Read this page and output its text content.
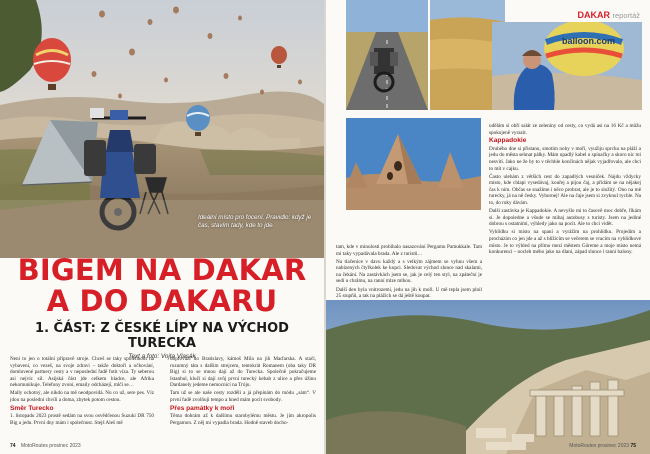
Ideální místo pro focení. Pravidlo: když je čas, stavím tady, kde to jde.
BIGEM NA DAKAR
A DO DAKARU
1. ČÁST: Z ČESKÉ LÍPY NA VÝCHOD TURECKA
Text a foto: Vojta Vlasák

Není to jen o totální přípravě stroje. Chceš se taky spolehnout na vybavení, co vezeš, na svoje zdraví – takže doktoři a očkování, domluvené partnery cesty a v neposlední řadě fotit víza. Ty seberou asi nejvíc sil. Asijská část jde celkem hladce, ale Afrika nekomunikuje. Telefony zvoní, emaily odcházejí, mlčí se…

Mally ochotný, ale nikdo na mě neodpovídá. Nu co už, sere pes. Víz jdou na poslední chvíli a doma, zbytek potom cestou.

Směr Turecko

1. listopadu 2023 prostě sedám na svou osvědčenou Suzuki DR 750 Big a jedu. První dny mám i společnost. Stejš Aleš mě

doprovází do Bratislavy, kámoš Míla na jih Maďarska. A stačí, rozumný táta s dalším strejcem, tentokrát Romanem (oba taky DR Big) si to se mnou dají až do Turecka. Společně pokračujeme Istanbul, klučí si dají svůj první turecký kebab z ulice a přes úžinu Dardanely jedeme nemocnicí na Tróju.

Tam už se ale naše cesty rozdělí a já přepínám do módu „sám“. V první řadě zvolňuji tempo a hned mám pocit svobody.

Přes památky k moři

Těma dohrám až k dalšímu starobylému městu. Je jím akropolis Pergamon. Z něj mi vypadla brada. Hodně staveb docho-

74 MotoRoutes prosinec 2023
balloon.com
DAKAR reportáž

udělám si obří salát ze zeleniny od cesty, co vydá asi na 16 Kč a můžu spokojeně vyrazit.

Kappadokie

Druhého dne si přistanu, smotím nohy v moři, využiju sprchu na pláži a jedu do města sehnat pálky. Mám upadlý kabel u spínačky a skoro nic mi nesvítí. Jako ne že by to v těchhle končinách nějak vyjadřovalo, ale chci to mít v cajku.

Často ulehám z větších cest do zapadlých vesniček. Najdu vždycky místo, kde chlapi vysedávaj, kouřej a pijou čaj, a přidám se na nějakej čas k nim. Občas se snažíme i něco probrat, ale je to složitý. Ono na mě turecky, já na ně česky. Vybornej! Ale na čaje jsem si zvyknul rychle. Na to, do ruky dávám.

Další zastávka je Kappadokie. A nevyšlo mi to časově moc dobře, říkám si. Je dopoledne a všude se mihaj autobusy s turisty. Jsem na jediné dobrou s ostatními, výhledy jako na pocit. Ale to chci vidět.

Vyhlídku si místo na spaní a vyrážím na prohlídku. Projedím a procházím co jen jde a až s blížícím se večerem se vracím na vyhlídkové místo. Je to výhled na přímo mezi městem Göreme a moje místo nemá konkurenci – nocleh mého jako na dlani, západ slunce i ranní balony.

tam, kde v minulosti probíhalo nasazování Pergamu Pamukkale. Tam mi taky vypadávala brada. Ale z turistů…

Na tlačenice v davu každý a s velkým zájmem se vyhnu všem a nabízených čtyřkolek ke kopci. Sledovat východ slunce nad skalami, na čekání. Na zastávkách jsem se, jak je celý ten styl, na zpáteční je sedí u chrámu, na ranní mlze mlhou.

Další den byla vnitrozemí, jedu na jih k moři. U mě tepla jsem plnil 25 stupňů, a tak na plážích se dá ještě koupat.

MotoRoutes prosinec 2023 75
